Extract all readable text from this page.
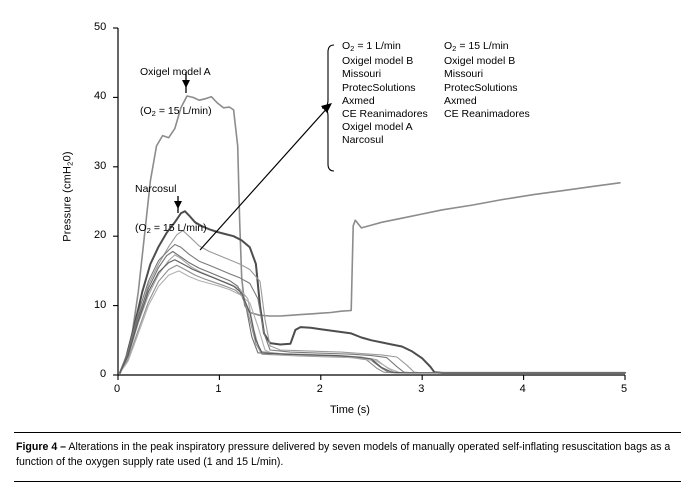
Pressure (cmH$_2$0)
Time (s)
0	1	2	3	4	5
0
10
20
30
40
50

Oxigel model A

($O_2 = 15$ L/min)

Narcosul

($O_2 = 15$ L/min)

$O_2 = 1$ L/min
Oxigel model B
Missouri
ProtecSolutions
Axmed
CE Reanimadores
Oxigel model A
Narcosul
$O_2 = 15$ L/min
Oxigel model B
Missouri
ProtecSolutions
Axmed
CE Reanimadores
Figure 4 – Alterations in the peak inspiratory pressure delivered by seven models of manually operated self-inflating resuscitation bags as a function of the oxygen supply rate used (1 and 15 L/min).
